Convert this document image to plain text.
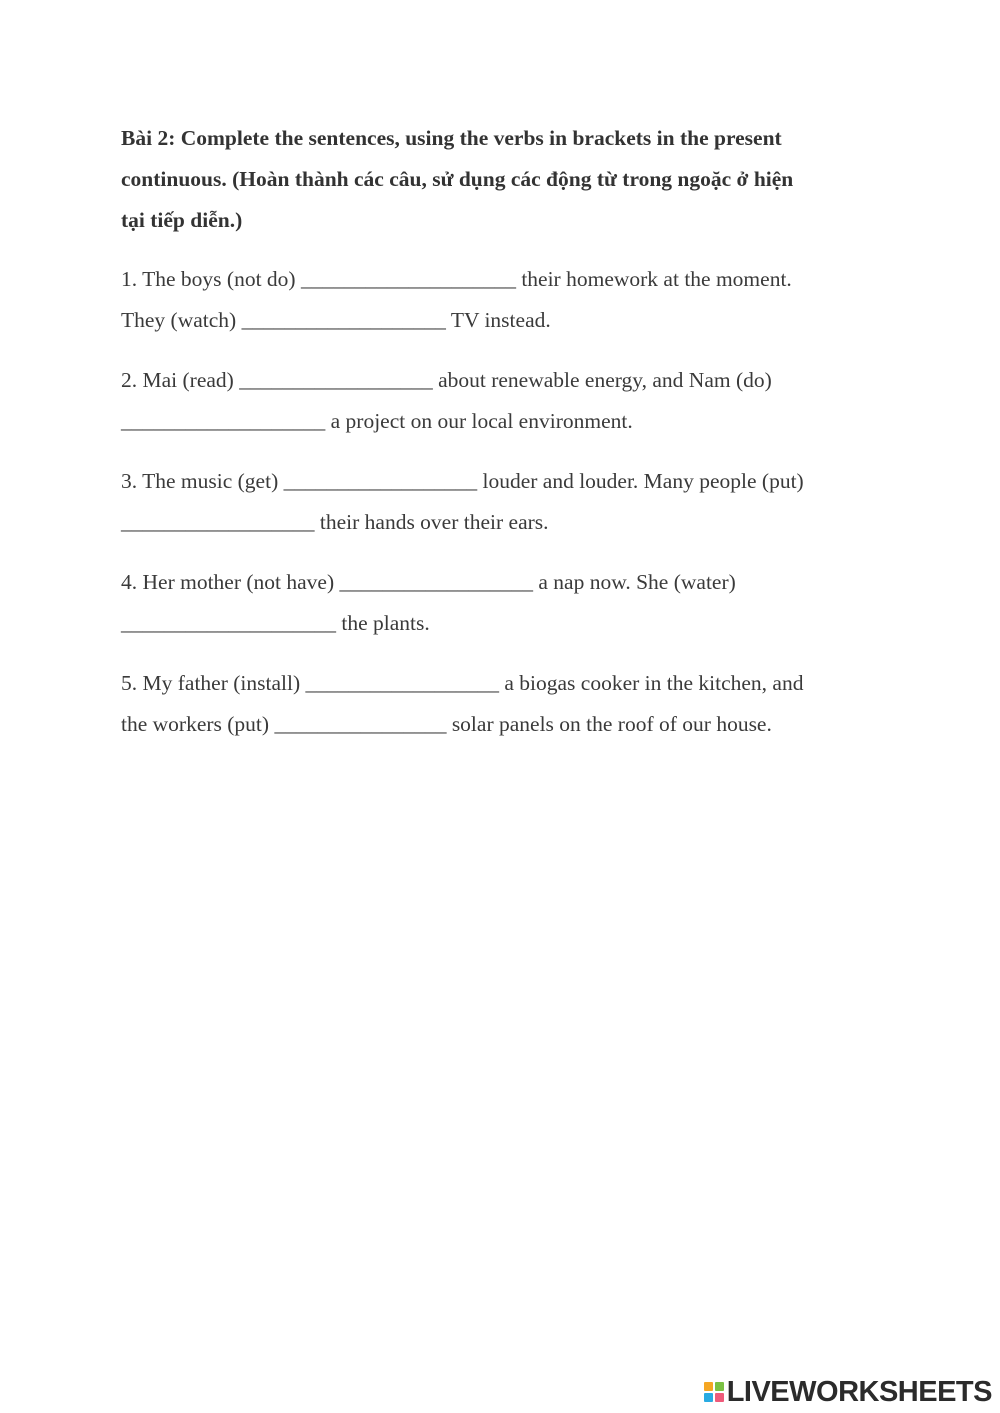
Bài 2: Complete the sentences, using the verbs in brackets in the present
continuous. (Hoàn thành các câu, sử dụng các động từ trong ngoặc ở hiện
tại tiếp diễn.)
1. The boys (not do) ____________________ their homework at the moment.
They (watch) ___________________ TV instead.
2. Mai (read) __________________ about renewable energy, and Nam (do)
___________________ a project on our local environment.
3. The music (get) __________________ louder and louder. Many people (put)
__________________ their hands over their ears.
4. Her mother (not have) __________________ a nap now. She (water)
____________________ the plants.
5. My father (install) __________________ a biogas cooker in the kitchen, and
the workers (put) ________________ solar panels on the roof of our house.
LIVEWORKSHEETS
